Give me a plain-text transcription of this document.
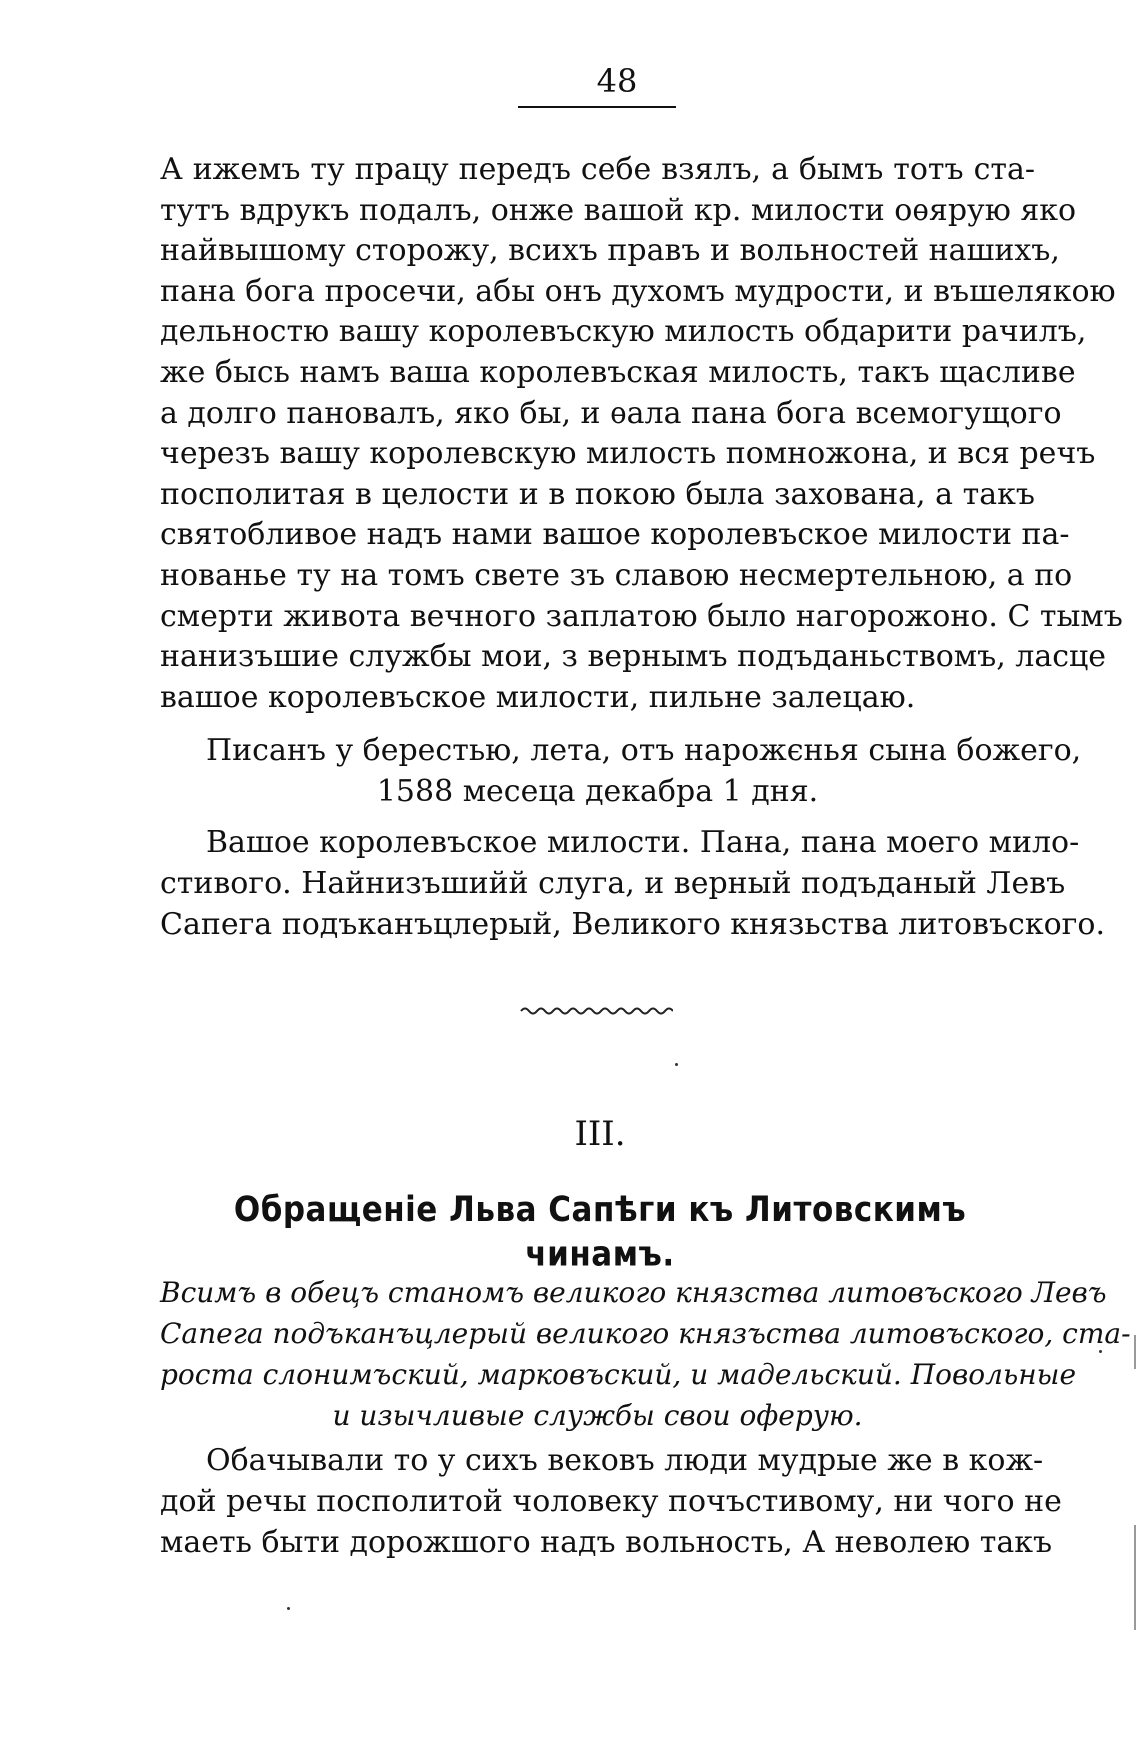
48
А ижемъ ту працу передъ себе взялъ, а бымъ тотъ ста-
тутъ вдрукъ подалъ, онже вашой кр. милости оѳярую яко
найвышому сторожу, всихъ правъ и вольностей нашихъ,
пана бога просечи, абы онъ духомъ мудрости, и въшелякою
дельностю вашу королевъскую милость обдарити рачилъ,
же бысь намъ ваша королевъская милость, такъ щасливе
а долго пановалъ, яко бы, и ѳала пана бога всемогущого
черезъ вашу королевскую милость помножона, и вся речъ
посполитая в целости и в покою была захована, а такъ
святобливое надъ нами вашое королевъское милости па-
нованье ту на томъ свете зъ славою несмертельною, а по
смерти живота вечного заплатою было нагорожоно. С тымъ
нанизъшие службы мои, з вернымъ подъданьствомъ, ласце
вашое королевъское милости, пильне залецаю.
Писанъ у берестью, лета, отъ нарожєнья сына божего,
1588 месеца декабра 1 дня.
Вашое королевъское милости. Пана, пана моего мило-
стивого. Найнизъшийй слуга, и верный подъданый Левъ
Сапега подъканъцлерый, Великого князьства литовъского.
III.
Обращеніе Льва Сапѣги къ Литовскимъ чинамъ.
Всимъ в обецъ станомъ великого князства литовъского Левъ
Сапега подъканъцлерый великого князъства литовъского, ста-
роста слонимъский, марковъский, и мадельский. Повольные
и изычливые службы свои оферую.
Обачывали то у сихъ вековъ люди мудрые же в кож-
дой речы посполитой чоловеку почъстивому, ни чого не
маеть быти дорожшого надъ вольность, А неволею такъ
